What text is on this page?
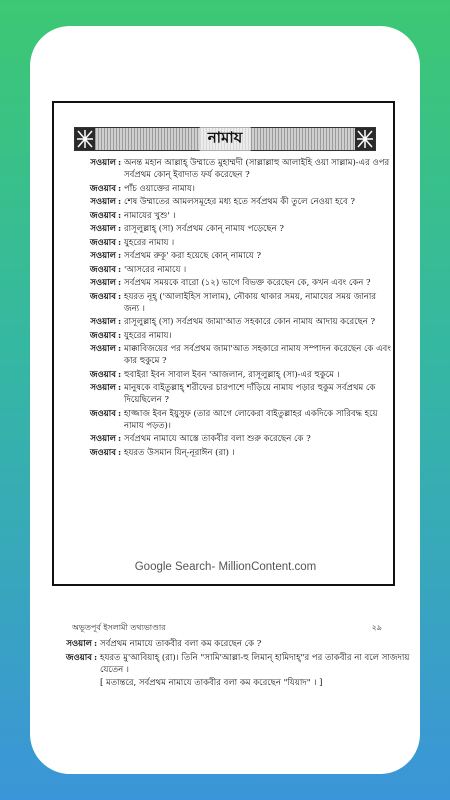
নামায
সওয়াল : অনন্ত মহান আল্লাহ্ উম্মাতে মুহাম্মদী (সাল্লাল্লাহু আলাইহি ওয়া সাল্লাম)-এর ওপর সর্বপ্রথম কোন্ ইবাদাত ফর্য করেছেন ?
জওয়াব : পাঁচ ওয়াক্তের নামায।
সওয়াল : শেষ উম্মাতের আমলসমূহের মধ্য হতে সর্বপ্রথম কী তুলে নেওয়া হবে ?
জওয়াব : নামাযের খুশু' ।
সওয়াল : রাসূলুল্লাহ্ (সা) সর্বপ্রথম কোন্ নামায পড়েছেন ?
জওয়াব : যুহরের নামায ।
সওয়াল : সর্বপ্রথম রুকূ' করা হয়েছে কোন্ নামাযে ?
জওয়াব : 'আসরের নামাযে ।
সওয়াল : সর্বপ্রথম সময়কে বারো (১২) ভাগে বিভক্ত করেছেন কে, কখন এবং কেন ?
জওয়াব : হযরত নূহ্ ('আলাইহিস সালাম), নৌকায় থাকার সময়, নামাযের সময় জানার জন্য ।
সওয়াল : রাসূলুল্লাহ্ (সা) সর্বপ্রথম জামা'আত সহকারে কোন নামায আদায় করেছেন ?
জওয়াব : যুহরের নামায।
সওয়াল : মাক্কাবিজয়ের পর সর্বপ্রথম জামা'আত সহকারে নামায সম্পাদন করেছেন কে এবং কার হুকুমে ?
জওয়াব : হুবাইরা ইবন সাবাল ইবন 'আজলান, রাসূলুল্লাহ্ (সা)-এর হুকুমে ।
সওয়াল : মানুষকে বাইতুল্লাহ্ শরীফের চারপাশে দাঁড়িয়ে নামায পড়ার হুকুম সর্বপ্রথম কে দিয়েছিলেন ?
জওয়াব : হাজ্জাজ ইবন ইয়ুসুফ (তার আগে লোকেরা বাইতুল্লাহর একদিকে সারিবদ্ধ হয়ে নামায পড়ত)।
সওয়াল : সর্বপ্রথম নামাযে আস্তে তাকবীর বলা শুরু করেছেন কে ?
জওয়াব : হযরত উসমান যিন্-নূরাঈন (রা) ।
Google Search- MillionContent.com
অভূতপূর্ব ইসলামী তথ্যভাণ্ডার	২৯
সওয়াল : সর্বপ্রথম নামাযে তাকবীর বলা কম করেছেন কে ?
জওয়াব : হযরত মু'আবিয়াহ্ (রা)। তিনি "সামি'আল্লা-হু লিমান্ হামিদাহ্"র পর তাকবীর না বলে সাজদায় যেতেন ।
[ মতান্তরে, সর্বপ্রথম নামাযে তাকবীর বলা কম করেছেন "যিয়াদ" । ]
